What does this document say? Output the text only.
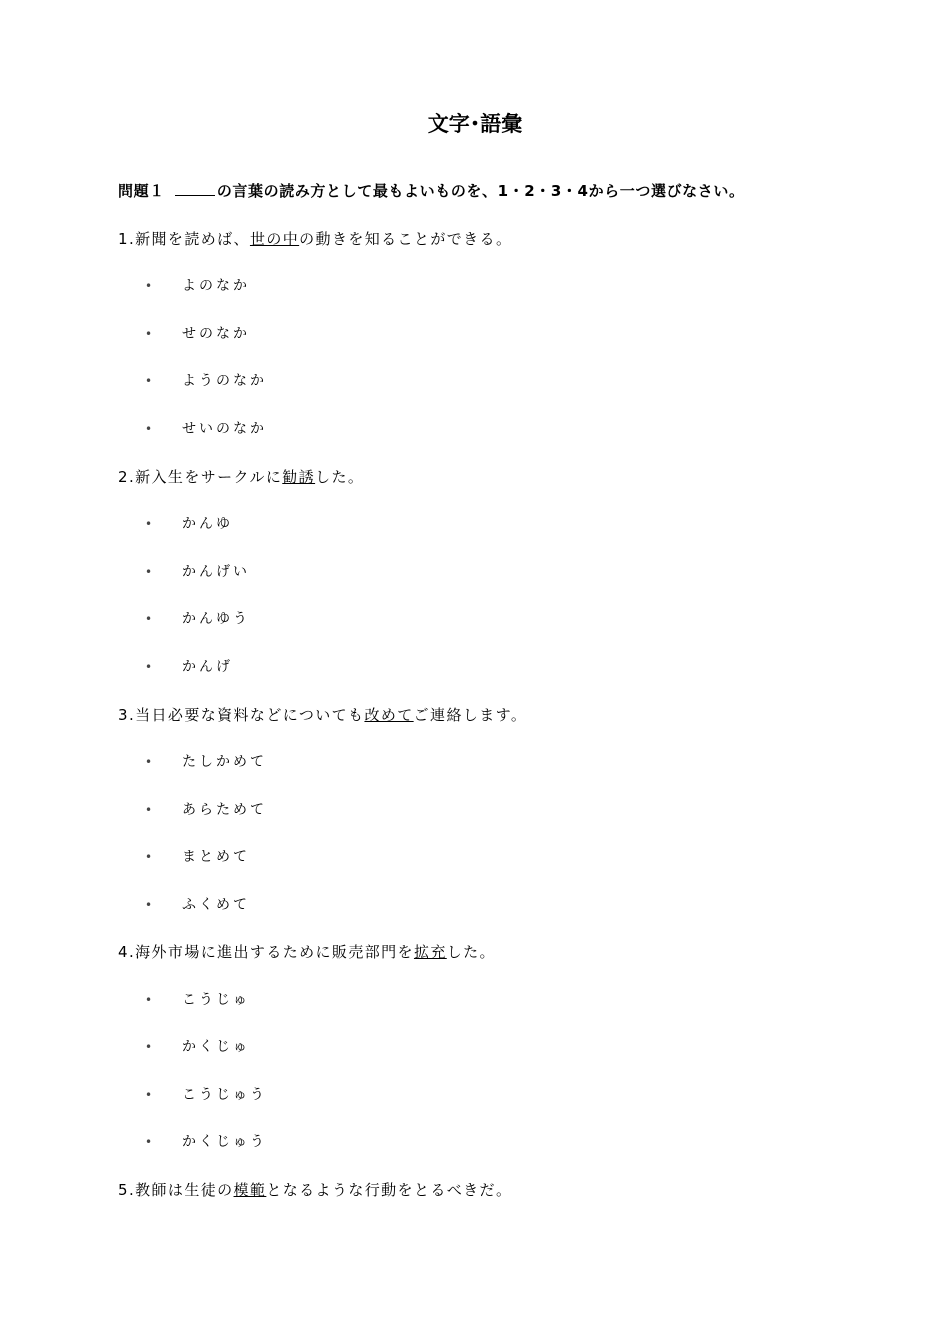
文字･語彙
問題１	の言葉の読み方として最もよいものを、1・2・3・4から一つ選びなさい。
1.新聞を読めば、世の中の動きを知ることができる。
• よのなか
• せのなか
• ようのなか
• せいのなか
2.新入生をサークルに勧誘した。
• かんゆ
• かんげい
• かんゆう
• かんげ
3.当日必要な資料などについても改めてご連絡します。
• たしかめて
• あらためて
• まとめて
• ふくめて
4.海外市場に進出するために販売部門を拡充した。
• こうじゅ
• かくじゅ
• こうじゅう
• かくじゅう
5.教師は生徒の模範となるような行動をとるべきだ。
